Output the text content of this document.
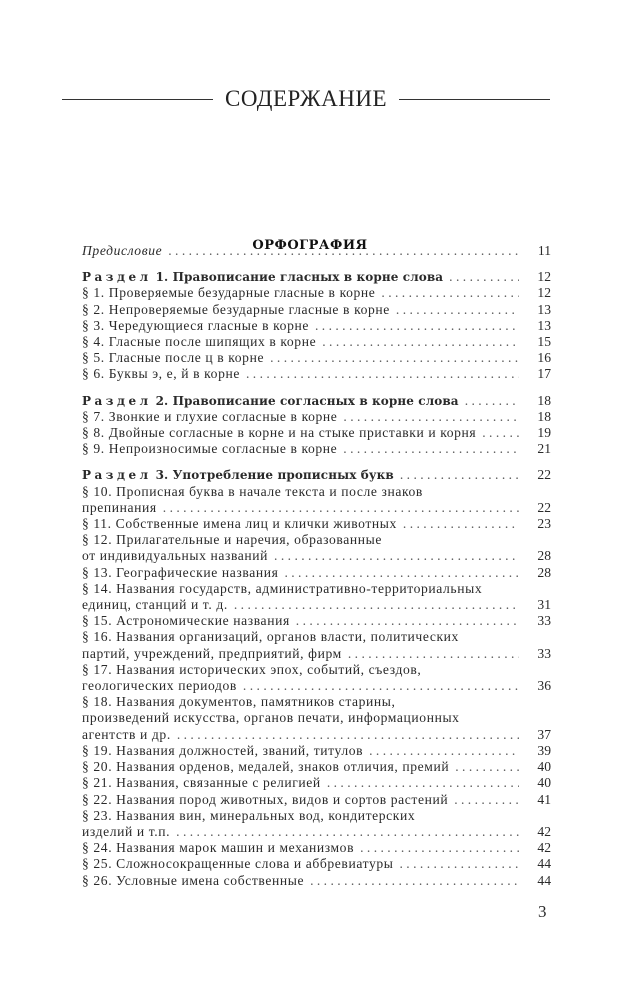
СОДЕРЖАНИЕ
ОРФОГРАФИЯ
Предисловие . . .	11
Раздел 1. Правописание гласных в корне слова . . .	12
§ 1. Проверяемые безударные гласные в корне . . .	12
§ 2. Непроверяемые безударные гласные в корне . . .	13
§ 3. Чередующиеся гласные в корне . . .	13
§ 4. Гласные после шипящих в корне . . .	15
§ 5. Гласные после ц в корне . . .	16
§ 6. Буквы э, е, й в корне . . .	17
Раздел 2. Правописание согласных в корне слова . . .	18
§ 7. Звонкие и глухие согласные в корне . . .	18
§ 8. Двойные согласные в корне и на стыке приставки и корня . . .	19
§ 9. Непроизносимые согласные в корне . . .	21
Раздел 3. Употребление прописных букв . . .	22
§ 10. Прописная буква в начале текста и после знаков
препинания . . .	22
§ 11. Собственные имена лиц и клички животных . . .	23
§ 12. Прилагательные и наречия, образованные
от индивидуальных названий . . .	28
§ 13. Географические названия . . .	28
§ 14. Названия государств, административно-территориальных
единиц, станций и т. д. . . .	31
§ 15. Астрономические названия . . .	33
§ 16. Названия организаций, органов власти, политических
партий, учреждений, предприятий, фирм . . .	33
§ 17. Названия исторических эпох, событий, съездов,
геологических периодов . . .	36
§ 18. Названия документов, памятников старины,
произведений искусства, органов печати, информационных
агентств и др. . . .	37
§ 19. Названия должностей, званий, титулов . . .	39
§ 20. Названия орденов, медалей, знаков отличия, премий . . .	40
§ 21. Названия, связанные с религией . . .	40
§ 22. Названия пород животных, видов и сортов растений . . .	41
§ 23. Названия вин, минеральных вод, кондитерских
изделий и т.п. . . .	42
§ 24. Названия марок машин и механизмов . . .	42
§ 25. Сложносокращенные слова и аббревиатуры . . .	44
§ 26. Условные имена собственные . . .	44
3
